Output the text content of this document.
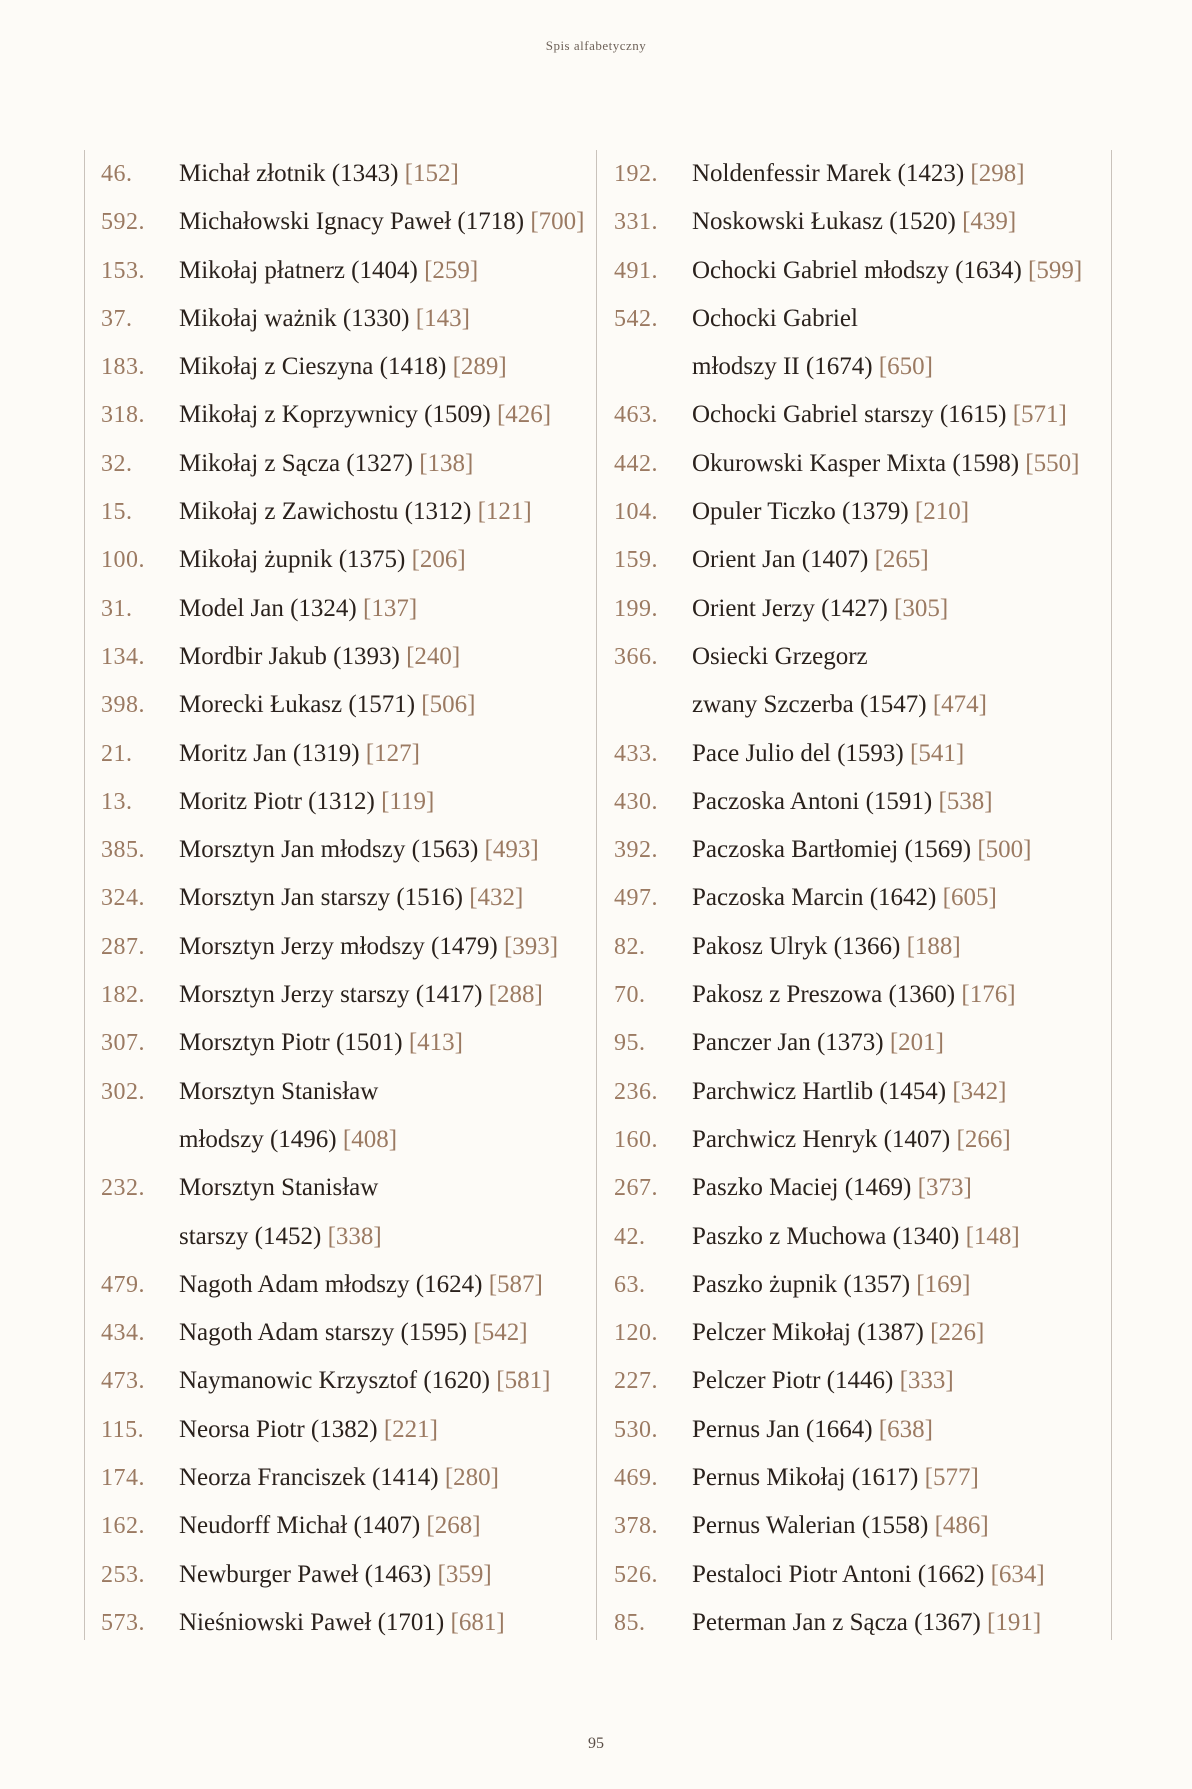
Spis alfabetyczny
46.	Michał złotnik (1343) [152]
592.	Michałowski Ignacy Paweł (1718) [700]
153.	Mikołaj płatnerz (1404) [259]
37.	Mikołaj ważnik (1330) [143]
183.	Mikołaj z Cieszyna (1418) [289]
318.	Mikołaj z Koprzywnicy (1509) [426]
32.	Mikołaj z Sącza (1327) [138]
15.	Mikołaj z Zawichostu (1312) [121]
100.	Mikołaj żupnik (1375) [206]
31.	Model Jan (1324) [137]
134.	Mordbir Jakub (1393) [240]
398.	Morecki Łukasz (1571) [506]
21.	Moritz Jan (1319) [127]
13.	Moritz Piotr (1312) [119]
385.	Morsztyn Jan młodszy (1563) [493]
324.	Morsztyn Jan starszy (1516) [432]
287.	Morsztyn Jerzy młodszy (1479) [393]
182.	Morsztyn Jerzy starszy (1417) [288]
307.	Morsztyn Piotr (1501) [413]
302.	Morsztyn Stanisław
młodszy (1496) [408]
232.	Morsztyn Stanisław
starszy (1452) [338]
479.	Nagoth Adam młodszy (1624) [587]
434.	Nagoth Adam starszy (1595) [542]
473.	Naymanowic Krzysztof (1620) [581]
115.	Neorsa Piotr (1382) [221]
174.	Neorza Franciszek (1414) [280]
162.	Neudorff Michał (1407) [268]
253.	Newburger Paweł (1463) [359]
573.	Nieśniowski Paweł (1701) [681]
192.	Noldenfessir Marek (1423) [298]
331.	Noskowski Łukasz (1520) [439]
491.	Ochocki Gabriel młodszy (1634) [599]
542.	Ochocki Gabriel
młodszy II (1674) [650]
463.	Ochocki Gabriel starszy (1615) [571]
442.	Okurowski Kasper Mixta (1598) [550]
104.	Opuler Ticzko (1379) [210]
159.	Orient Jan (1407) [265]
199.	Orient Jerzy (1427) [305]
366.	Osiecki Grzegorz
zwany Szczerba (1547) [474]
433.	Pace Julio del (1593) [541]
430.	Paczoska Antoni (1591) [538]
392.	Paczoska Bartłomiej (1569) [500]
497.	Paczoska Marcin (1642) [605]
82.	Pakosz Ulryk (1366) [188]
70.	Pakosz z Preszowa (1360) [176]
95.	Panczer Jan (1373) [201]
236.	Parchwicz Hartlib (1454) [342]
160.	Parchwicz Henryk (1407) [266]
267.	Paszko Maciej (1469) [373]
42.	Paszko z Muchowa (1340) [148]
63.	Paszko żupnik (1357) [169]
120.	Pelczer Mikołaj (1387) [226]
227.	Pelczer Piotr (1446) [333]
530.	Pernus Jan (1664) [638]
469.	Pernus Mikołaj (1617) [577]
378.	Pernus Walerian (1558) [486]
526.	Pestaloci Piotr Antoni (1662) [634]
85.	Peterman Jan z Sącza (1367) [191]
95
